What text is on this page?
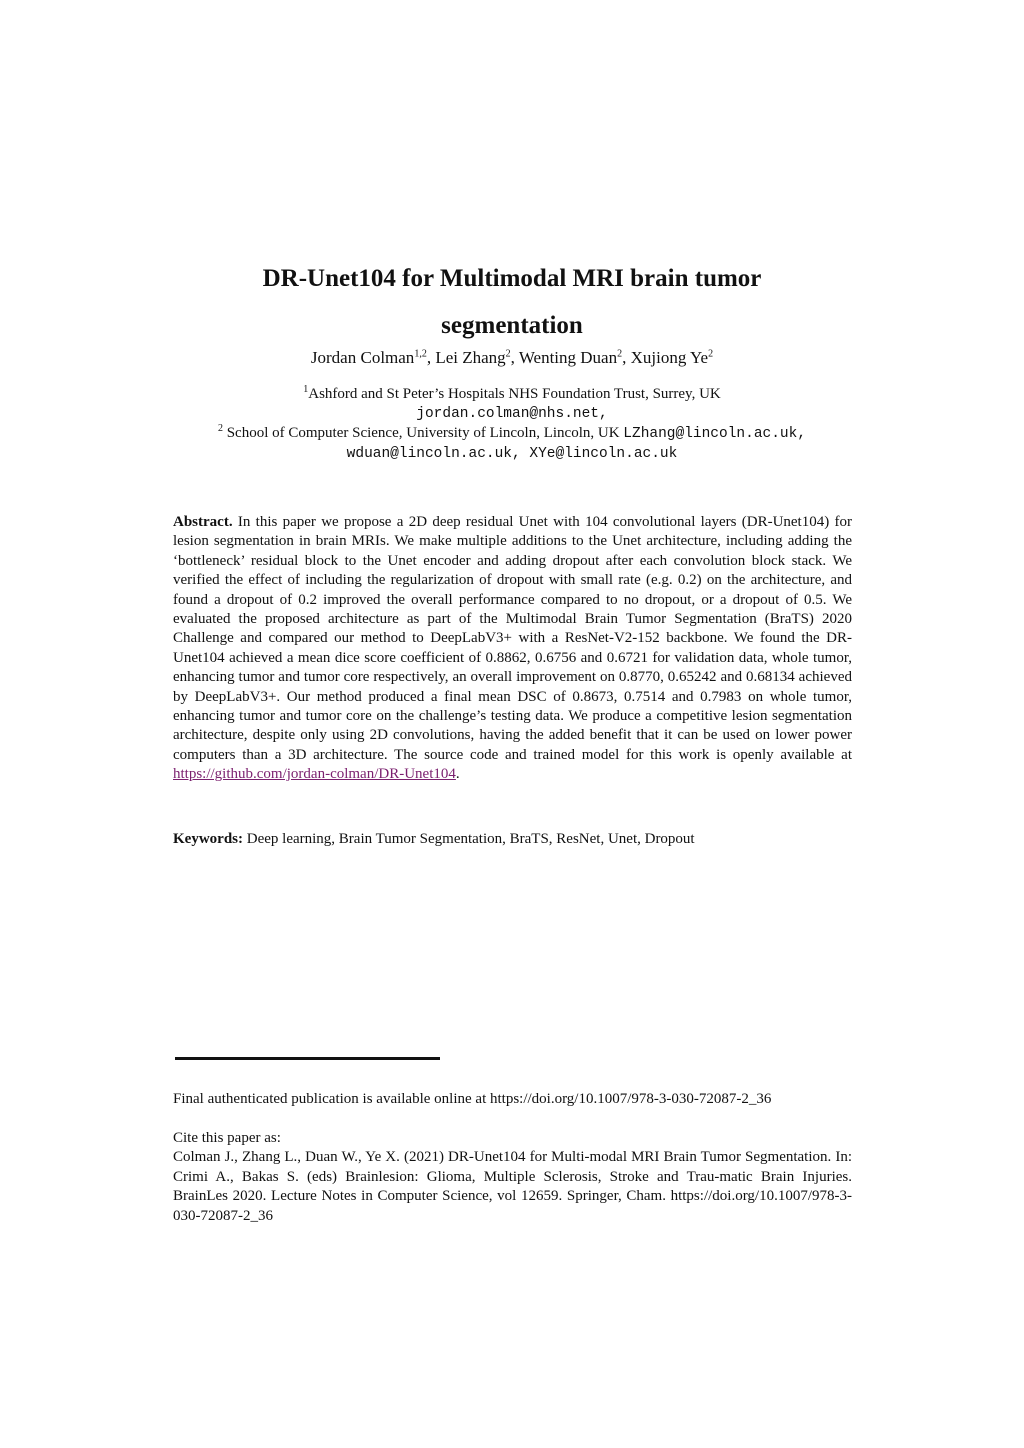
DR-Unet104 for Multimodal MRI brain tumor
segmentation
Jordan Colman$^{1,2}$, Lei Zhang$^2$, Wenting Duan$^2$, Xujiong Ye$^2$
$^1$Ashford and St Peter’s Hospitals NHS Foundation Trust, Surrey, UK
jordan.colman@nhs.net,
$^2$ School of Computer Science, University of Lincoln, Lincoln, UK LZhang@lincoln.ac.uk,
wduan@lincoln.ac.uk, XYe@lincoln.ac.uk
Abstract. In this paper we propose a 2D deep residual Unet with 104 convolutional layers (DR-Unet104) for lesion segmentation in brain MRIs. We make multiple additions to the Unet architecture, including adding the ‘bottleneck’ residual block to the Unet encoder and adding dropout after each convolution block stack. We verified the effect of including the regularization of dropout with small rate (e.g. 0.2) on the architecture, and found a dropout of 0.2 improved the overall performance compared to no dropout, or a dropout of 0.5. We evaluated the proposed architecture as part of the Multimodal Brain Tumor Segmentation (BraTS) 2020 Challenge and compared our method to DeepLabV3+ with a ResNet-V2-152 backbone. We found the DR-Unet104 achieved a mean dice score coefficient of 0.8862, 0.6756 and 0.6721 for validation data, whole tumor, enhancing tumor and tumor core respectively, an overall improvement on 0.8770, 0.65242 and 0.68134 achieved by DeepLabV3+. Our method produced a final mean DSC of 0.8673, 0.7514 and 0.7983 on whole tumor, enhancing tumor and tumor core on the challenge’s testing data. We produce a competitive lesion segmentation architecture, despite only using 2D convolutions, having the added benefit that it can be used on lower power computers than a 3D architecture. The source code and trained model for this work is openly available at https://github.com/jordan-colman/DR-Unet104.
Keywords: Deep learning, Brain Tumor Segmentation, BraTS, ResNet, Unet, Dropout
Final authenticated publication is available online at https://doi.org/10.1007/978-3-030-72087-2_36
Cite this paper as:
Colman J., Zhang L., Duan W., Ye X. (2021) DR-Unet104 for Multi-modal MRI Brain Tumor Segmentation. In: Crimi A., Bakas S. (eds) Brainlesion: Glioma, Multiple Sclerosis, Stroke and Trau-matic Brain Injuries. BrainLes 2020. Lecture Notes in Computer Science, vol 12659. Springer, Cham. https://doi.org/10.1007/978-3-030-72087-2_36
